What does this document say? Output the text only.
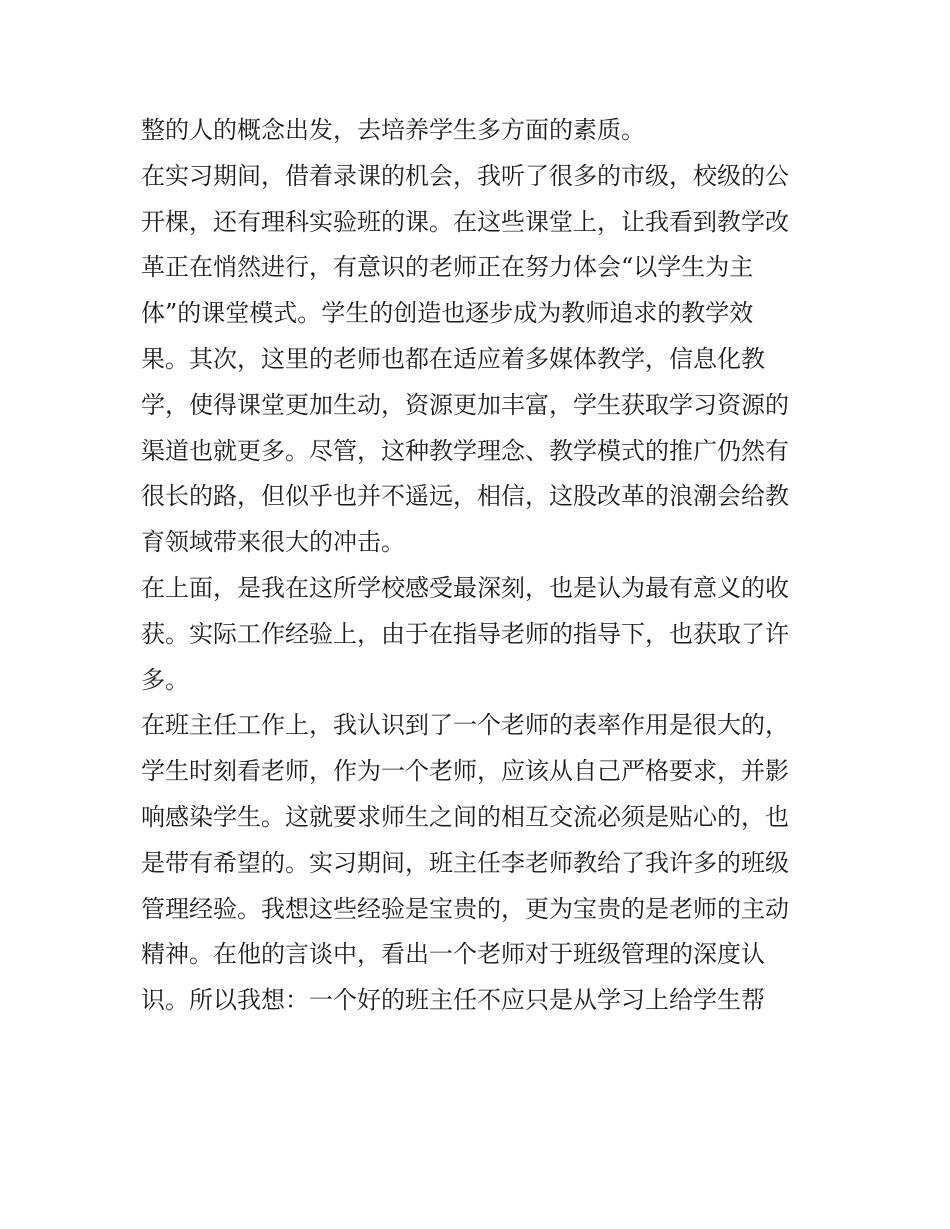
整的人的概念出发，去培养学生多方面的素质。
在实习期间，借着录课的机会，我听了很多的市级，校级的公
开棵，还有理科实验班的课。在这些课堂上，让我看到教学改
革正在悄然进行，有意识的老师正在努力体会“以学生为主
体”的课堂模式。学生的创造也逐步成为教师追求的教学效
果。其次，这里的老师也都在适应着多媒体教学，信息化教
学，使得课堂更加生动，资源更加丰富，学生获取学习资源的
渠道也就更多。尽管，这种教学理念、教学模式的推广仍然有
很长的路，但似乎也并不遥远，相信，这股改革的浪潮会给教
育领域带来很大的冲击。
在上面，是我在这所学校感受最深刻，也是认为最有意义的收
获。实际工作经验上，由于在指导老师的指导下，也获取了许
多。
在班主任工作上，我认识到了一个老师的表率作用是很大的，
学生时刻看老师，作为一个老师，应该从自己严格要求，并影
响感染学生。这就要求师生之间的相互交流必须是贴心的，也
是带有希望的。实习期间，班主任李老师教给了我许多的班级
管理经验。我想这些经验是宝贵的，更为宝贵的是老师的主动
精神。在他的言谈中，看出一个老师对于班级管理的深度认
识。所以我想：一个好的班主任不应只是从学习上给学生帮
